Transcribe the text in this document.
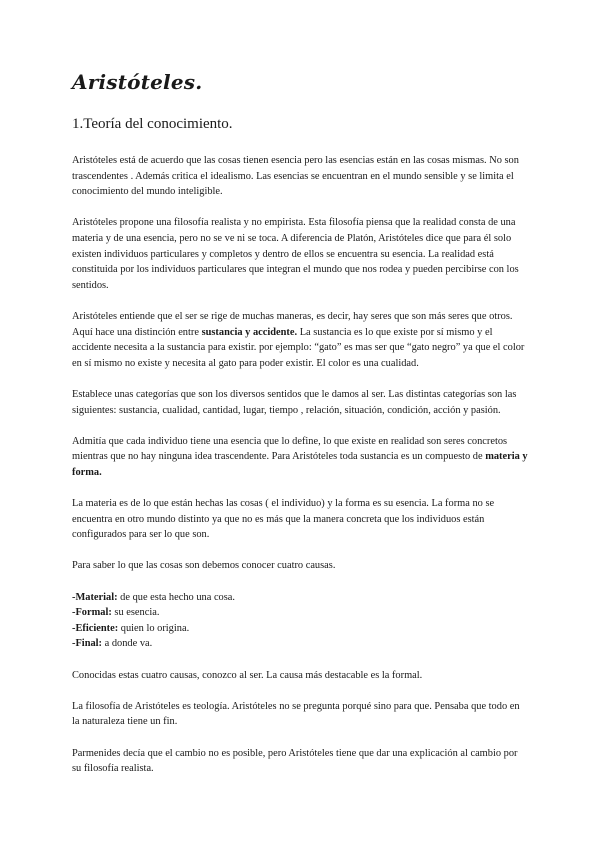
Aristóteles.
1.Teoría del conocimiento.

Aristóteles está de acuerdo que las cosas tienen esencia pero las esencias están en las cosas mismas. No son trascendentes . Además critica el idealismo. Las esencias se encuentran en el mundo sensible y se limita el conocimiento del mundo inteligible.

Aristóteles propone una filosofía realista y no empirista. Esta filosofía piensa que la realidad consta de una materia y de una esencia, pero no se ve ni se toca. A diferencia de Platón, Aristóteles dice que para él solo existen individuos particulares y completos y dentro de ellos se encuentra su esencia. La realidad está constituida por los individuos particulares que integran el mundo que nos rodea y pueden percibirse con los sentidos.

Aristóteles entiende que el ser se rige de muchas maneras, es decir, hay seres que son más seres que otros. Aquí hace una distinción entre sustancia y accidente. La sustancia es lo que existe por sí mismo y el accidente necesita a la sustancia para existir. por ejemplo: “gato” es mas ser que “gato negro” ya que el color en sí mismo no existe y necesita al gato para poder existir. El color es una cualidad.

Establece unas categorías que son los diversos sentidos que le damos al ser. Las distintas categorías son las siguientes: sustancia, cualidad, cantidad, lugar, tiempo , relación, situación, condición, acción y pasión.

Admitía que cada individuo tiene una esencia que lo define, lo que existe en realidad son seres concretos mientras que no hay ninguna idea trascendente. Para Aristóteles toda sustancia es un compuesto de materia y forma.

La materia es de lo que están hechas las cosas ( el individuo) y la forma es su esencia. La forma no se encuentra en otro mundo distinto ya que no es más que la manera concreta que los individuos están configurados para ser lo que son.

Para saber lo que las cosas son debemos conocer cuatro causas.

-Material: de que esta hecho una cosa.
-Formal: su esencia.
-Eficiente: quien lo origina.
-Final: a donde va.

Conocidas estas cuatro causas, conozco al ser. La causa más destacable es la formal.

La filosofía de Aristóteles es teología. Aristóteles no se pregunta porqué sino para que. Pensaba que todo en la naturaleza tiene un fin.

Parmenides decía que el cambio no es posible, pero Aristóteles tiene que dar una explicación al cambio por su filosofía realista.
